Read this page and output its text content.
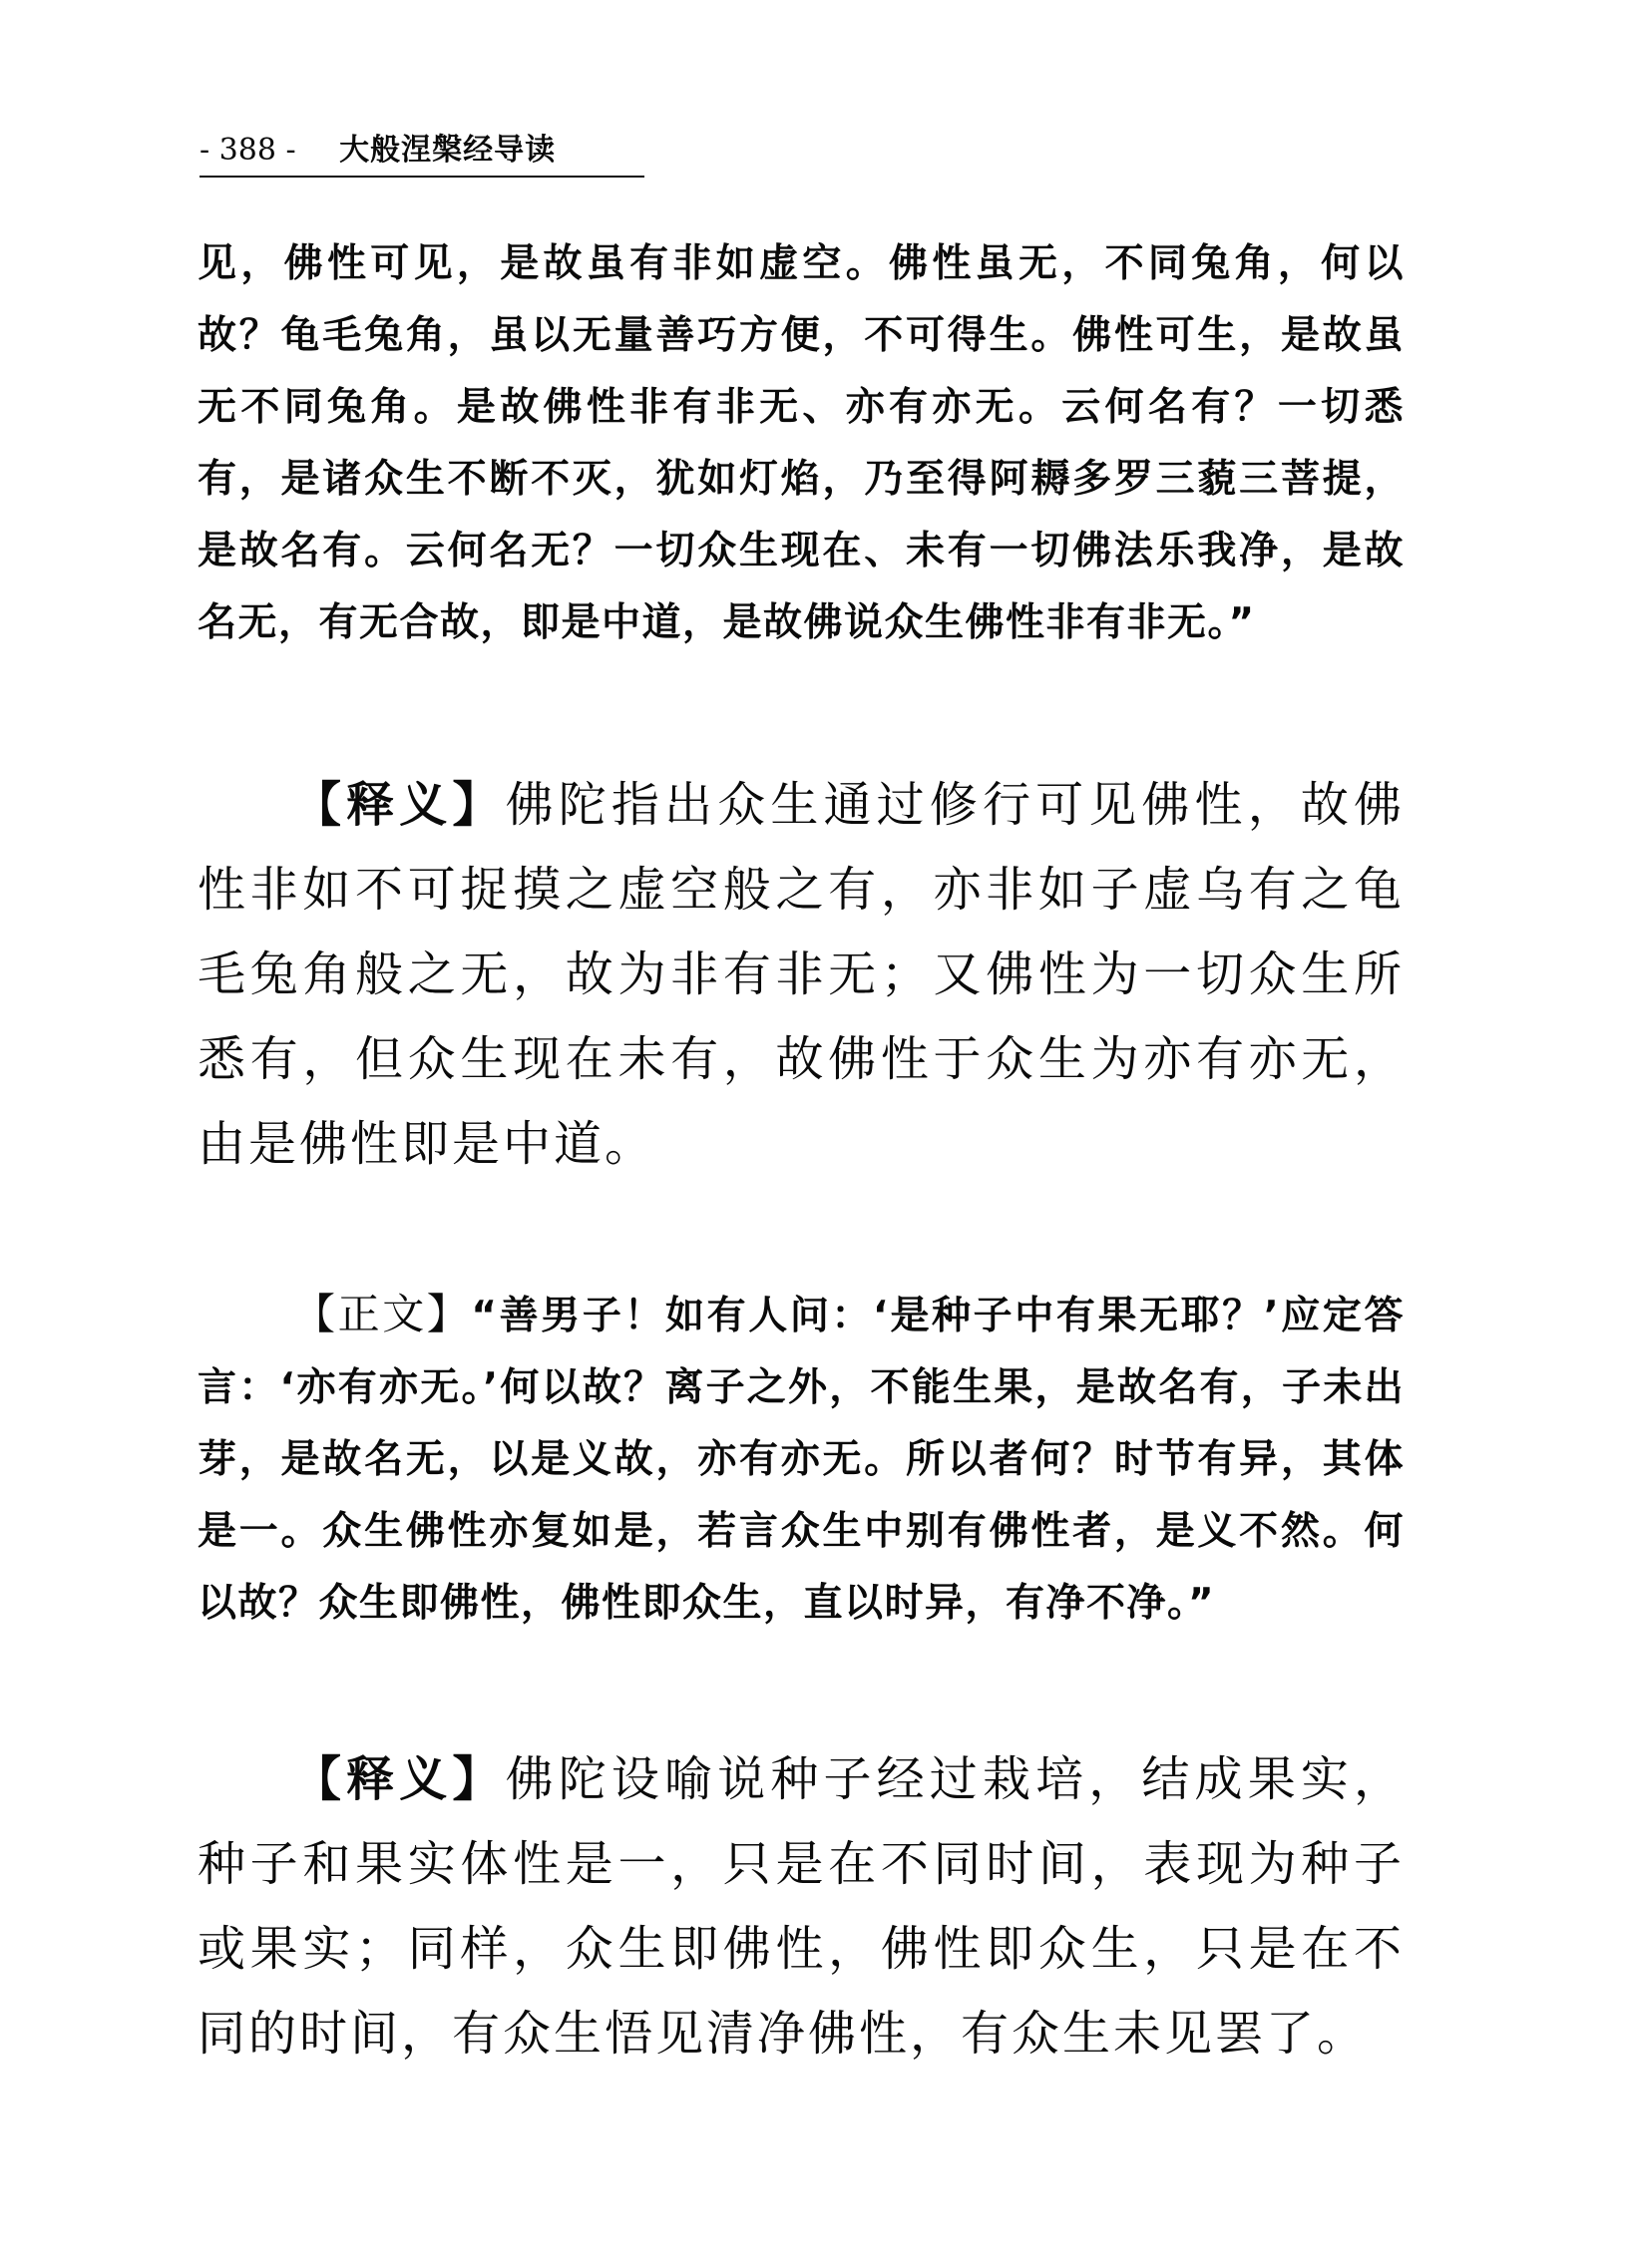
- 388 - 大般涅槃经导读

见，佛性可见，是故虽有非如虚空。佛性虽无，不同兔角，何以故？龟毛兔角，虽以无量善巧方便，不可得生。佛性可生，是故虽无不同兔角。是故佛性非有非无、亦有亦无。云何名有？一切悉有，是诸众生不断不灭，犹如灯焰，乃至得阿耨多罗三藐三菩提，是故名有。云何名无？一切众生现在、未有一切佛法乐我净，是故名无，有无合故，即是中道，是故佛说众生佛性非有非无。”

【释义】佛陀指出众生通过修行可见佛性，故佛性非如不可捉摸之虚空般之有，亦非如子虚乌有之龟毛兔角般之无，故为非有非无；又佛性为一切众生所悉有，但众生现在未有，故佛性于众生为亦有亦无，由是佛性即是中道。

【正文】“善男子！如有人问：‘是种子中有果无耶？’应定答言：‘亦有亦无。’何以故？离子之外，不能生果，是故名有，子未出芽，是故名无，以是义故，亦有亦无。所以者何？时节有异，其体是一。众生佛性亦复如是，若言众生中别有佛性者，是义不然。何以故？众生即佛性，佛性即众生，直以时异，有净不净。”

【释义】佛陀设喻说种子经过栽培，结成果实，种子和果实体性是一，只是在不同时间，表现为种子或果实；同样，众生即佛性，佛性即众生，只是在不同的时间，有众生悟见清净佛性，有众生未见罢了。
